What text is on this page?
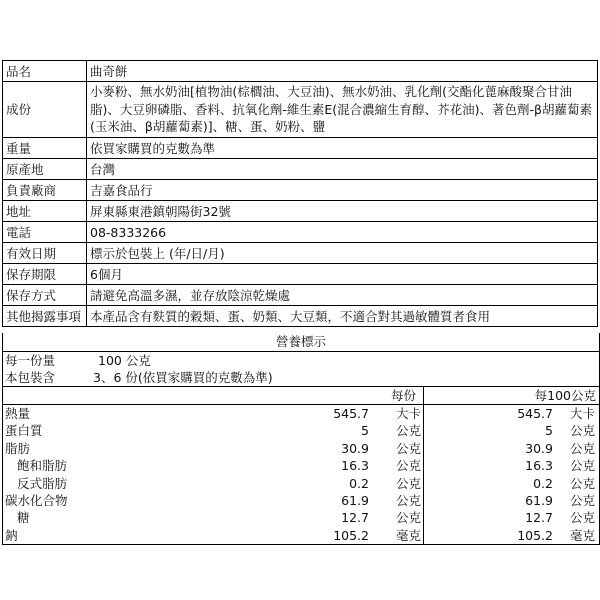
品名	曲奇餅
成份	小麥粉、無水奶油[植物油(棕櫚油、大豆油)、無水奶油、乳化劑(交酯化蓖麻酸聚合甘油脂)、大豆卵磷脂、香料、抗氧化劑-維生素E(混合濃縮生育醇、芥花油)、著色劑-β胡蘿蔔素(玉米油、β胡蘿蔔素)]、糖、蛋、奶粉、鹽
重量	依買家購買的克數為準
原產地	台灣
負責廠商	吉嘉食品行
地址	屏東縣東港鎮朝陽街32號
電話	08-8333266
有效日期	標示於包裝上 (年/日/月)
保存期限	6個月
保存方式	請避免高溫多濕，並存放陰涼乾燥處
其他揭露事項	本產品含有麩質的穀類、蛋、奶類、大豆類，不適合對其過敏體質者食用
營養標示
每一份量	100 公克
本包裝含	3、6 份(依買家購買的克數為準)
每份	每100公克
熱量	545.7 大卡	545.7 大卡
蛋白質	5 公克	5 公克
脂肪	30.9 公克	30.9 公克
飽和脂肪	16.3 公克	16.3 公克
反式脂肪	0.2 公克	0.2 公克
碳水化合物	61.9 公克	61.9 公克
糖	12.7 公克	12.7 公克
鈉	105.2 毫克	105.2 毫克
